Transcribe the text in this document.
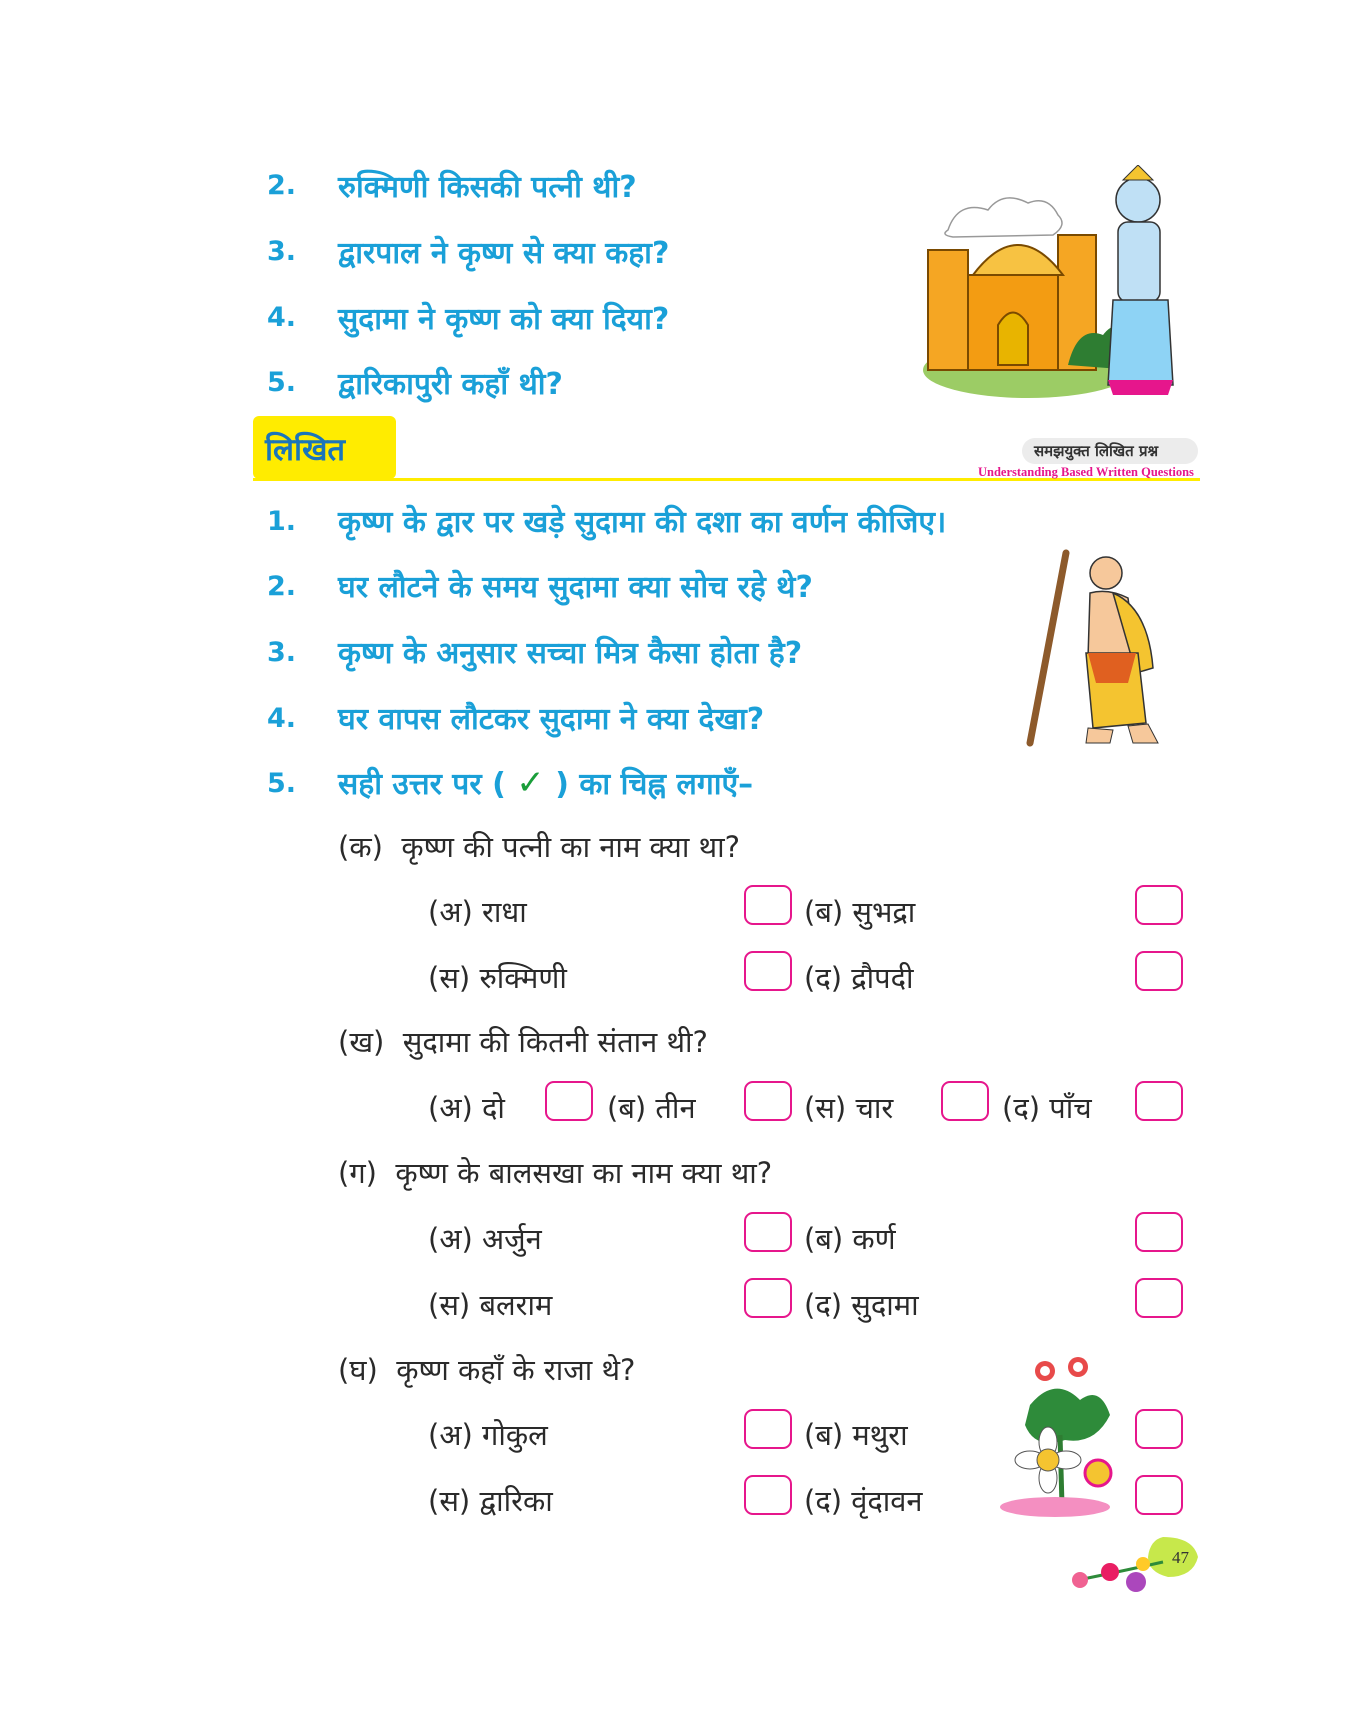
2.	रुक्मिणी किसकी पत्नी थी?
3.	द्वारपाल ने कृष्ण से क्या कहा?
4.	सुदामा ने कृष्ण को क्या दिया?
5.	द्वारिकापुरी कहाँ थी?
लिखित	समझयुक्त लिखित प्रश्न
Understanding Based Written Questions
1.	कृष्ण के द्वार पर खड़े सुदामा की दशा का वर्णन कीजिए।
2.	घर लौटने के समय सुदामा क्या सोच रहे थे?
3.	कृष्ण के अनुसार सच्चा मित्र कैसा होता है?
4.	घर वापस लौटकर सुदामा ने क्या देखा?
5.	सही उत्तर पर ( ✓ ) का चिह्न लगाएँ–
(क) कृष्ण की पत्नी का नाम क्या था?
(अ) राधा	(ब) सुभद्रा
(स) रुक्मिणी	(द) द्रौपदी
(ख) सुदामा की कितनी संतान थी?
(अ) दो	(ब) तीन	(स) चार	(द) पाँच
(ग) कृष्ण के बालसखा का नाम क्या था?
(अ) अर्जुन	(ब) कर्ण
(स) बलराम	(द) सुदामा
(घ) कृष्ण कहाँ के राजा थे?
(अ) गोकुल	(ब) मथुरा
(स) द्वारिका	(द) वृंदावन
47
